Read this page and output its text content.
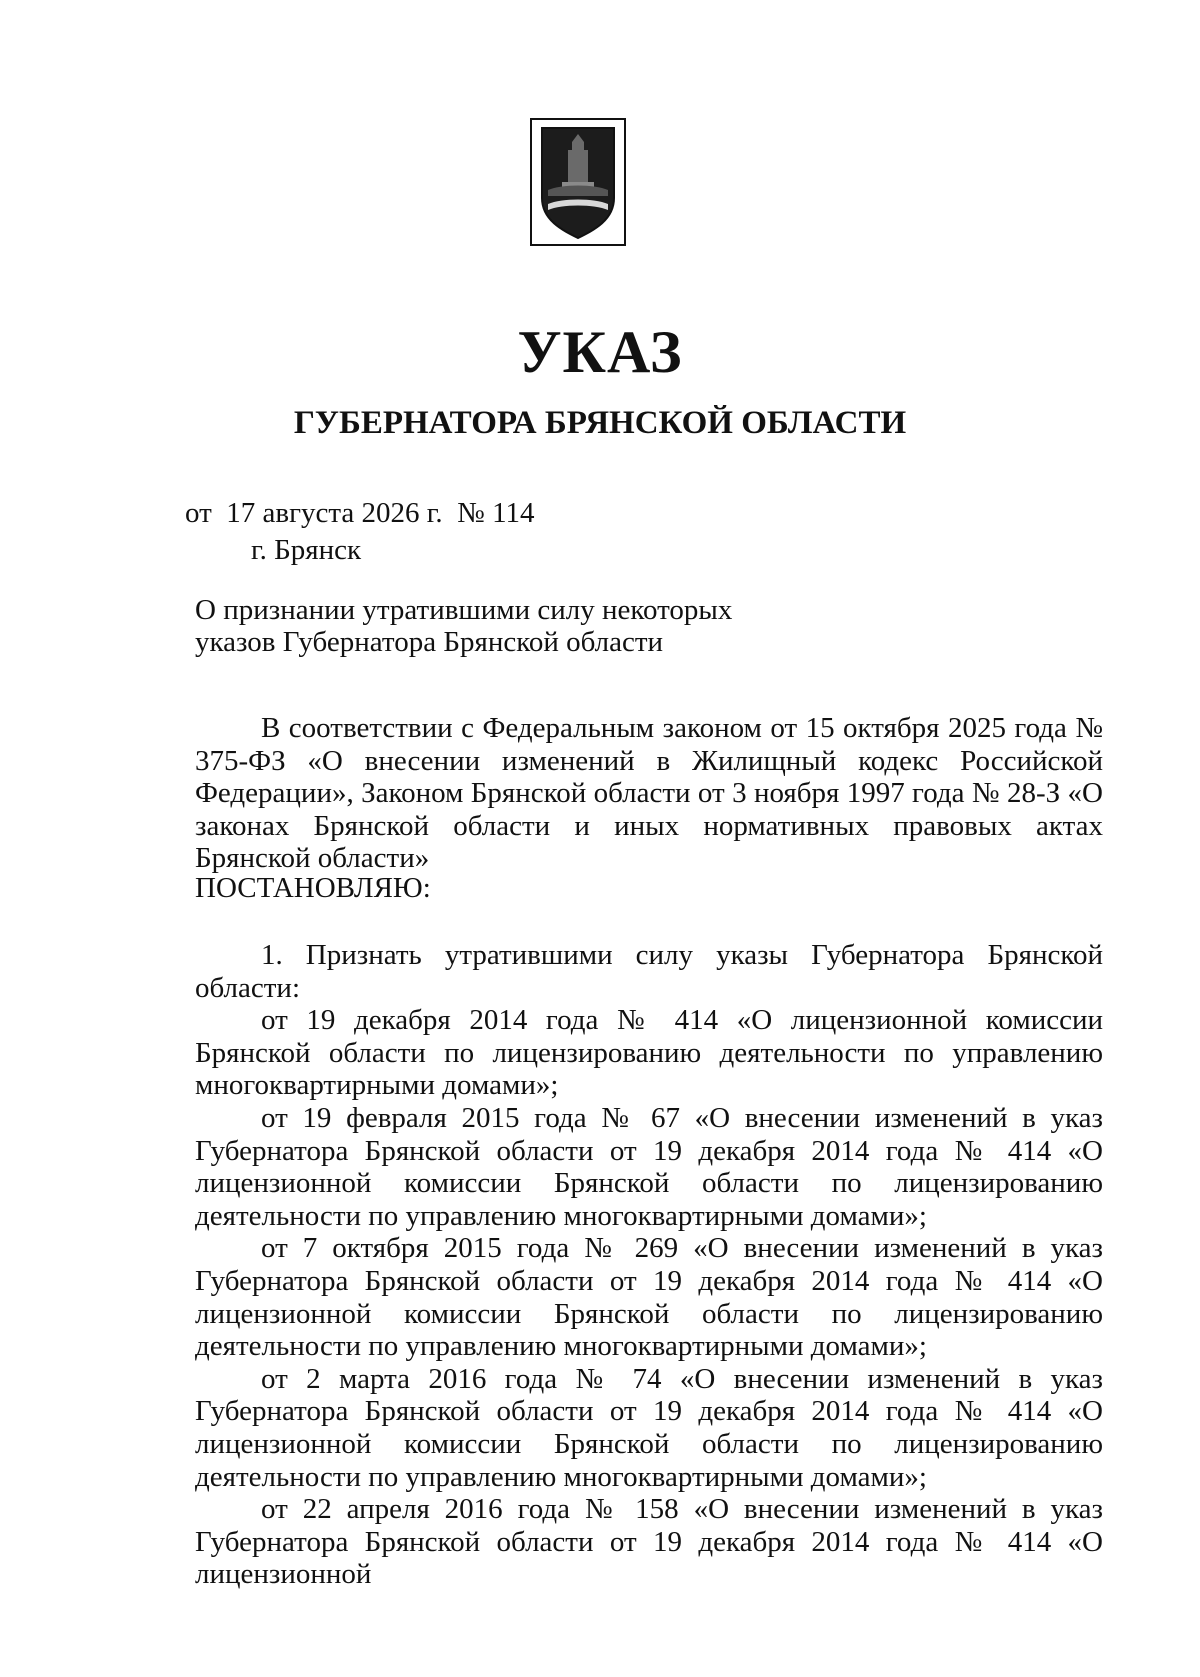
УКАЗ
ГУБЕРНАТОРА БРЯНСКОЙ ОБЛАСТИ
от  17 августа 2026 г.  № 114
г. Брянск
О признании утратившими силу некоторых
указов Губернатора Брянской области

В соответствии с Федеральным законом от 15 октября 2025 года № 375-ФЗ «О внесении изменений в Жилищный кодекс Российской Федерации», Законом Брянской области от 3 ноября 1997 года № 28-З «О законах Брянской области и иных нормативных правовых актах Брянской области»

ПОСТАНОВЛЯЮ:

1. Признать утратившими силу указы Губернатора Брянской области:

от 19 декабря 2014 года № 414 «О лицензионной комиссии Брянской области по лицензированию деятельности по управлению многоквартирными домами»;

от 19 февраля 2015 года № 67 «О внесении изменений в указ Губернатора Брянской области от 19 декабря 2014 года № 414 «О лицензионной комиссии Брянской области по лицензированию деятельности по управлению многоквартирными домами»;

от 7 октября 2015 года № 269 «О внесении изменений в указ Губернатора Брянской области от 19 декабря 2014 года № 414 «О лицензионной комиссии Брянской области по лицензированию деятельности по управлению многоквартирными домами»;

от 2 марта 2016 года № 74 «О внесении изменений в указ Губернатора Брянской области от 19 декабря 2014 года № 414 «О лицензионной комиссии Брянской области по лицензированию деятельности по управлению многоквартирными домами»;

от 22 апреля 2016 года № 158 «О внесении изменений в указ Губернатора Брянской области от 19 декабря 2014 года № 414 «О лицензионной
